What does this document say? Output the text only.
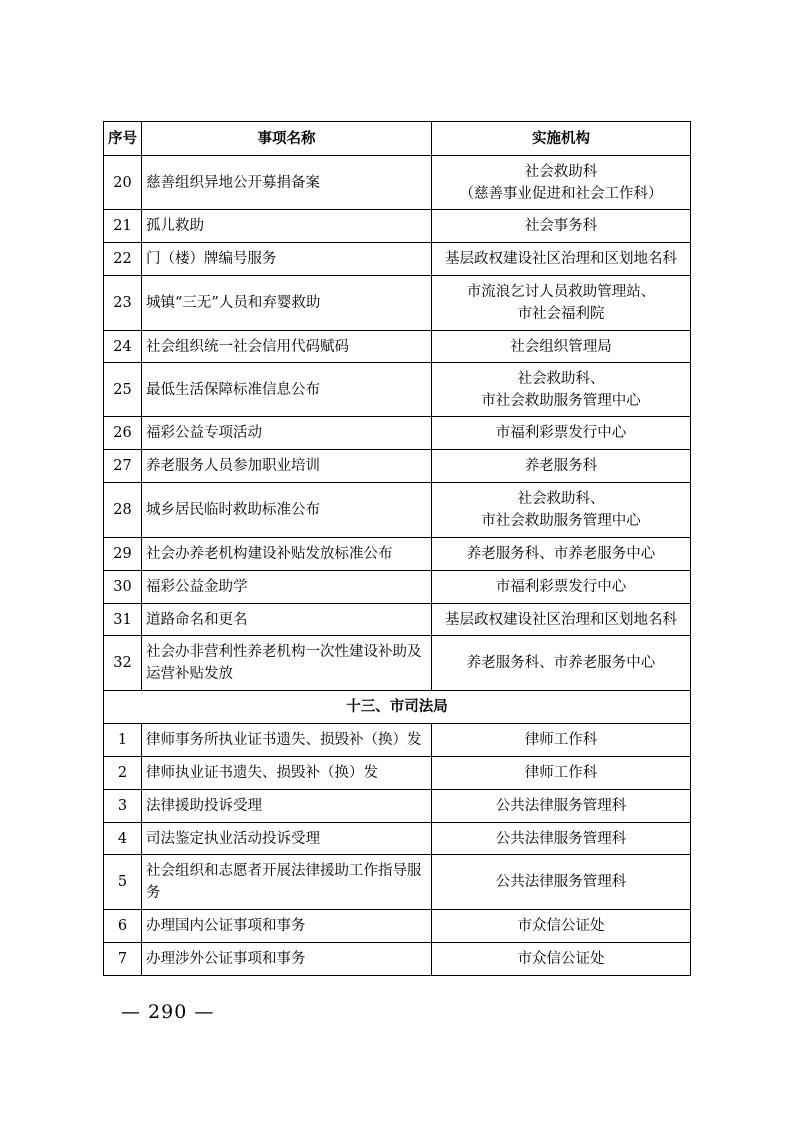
序号	事项名称	实施机构
20	慈善组织异地公开募捐备案	社会救助科
（慈善事业促进和社会工作科）
21	孤儿救助	社会事务科
22	门（楼）牌编号服务	基层政权建设社区治理和区划地名科
23	城镇“三无”人员和弃婴救助	市流浪乞讨人员救助管理站、
市社会福利院
24	社会组织统一社会信用代码赋码	社会组织管理局
25	最低生活保障标准信息公布	社会救助科、
市社会救助服务管理中心
26	福彩公益专项活动	市福利彩票发行中心
27	养老服务人员参加职业培训	养老服务科
28	城乡居民临时救助标准公布	社会救助科、
市社会救助服务管理中心
29	社会办养老机构建设补贴发放标准公布	养老服务科、市养老服务中心
30	福彩公益金助学	市福利彩票发行中心
31	道路命名和更名	基层政权建设社区治理和区划地名科
32	社会办非营利性养老机构一次性建设补助及运营补贴发放	养老服务科、市养老服务中心
十三、市司法局		
1	律师事务所执业证书遗失、损毁补（换）发	律师工作科
2	律师执业证书遗失、损毁补（换）发	律师工作科
3	法律援助投诉受理	公共法律服务管理科
4	司法鉴定执业活动投诉受理	公共法律服务管理科
5	社会组织和志愿者开展法律援助工作指导服务	公共法律服务管理科
6	办理国内公证事项和事务	市众信公证处
7	办理涉外公证事项和事务	市众信公证处
— 290 —
